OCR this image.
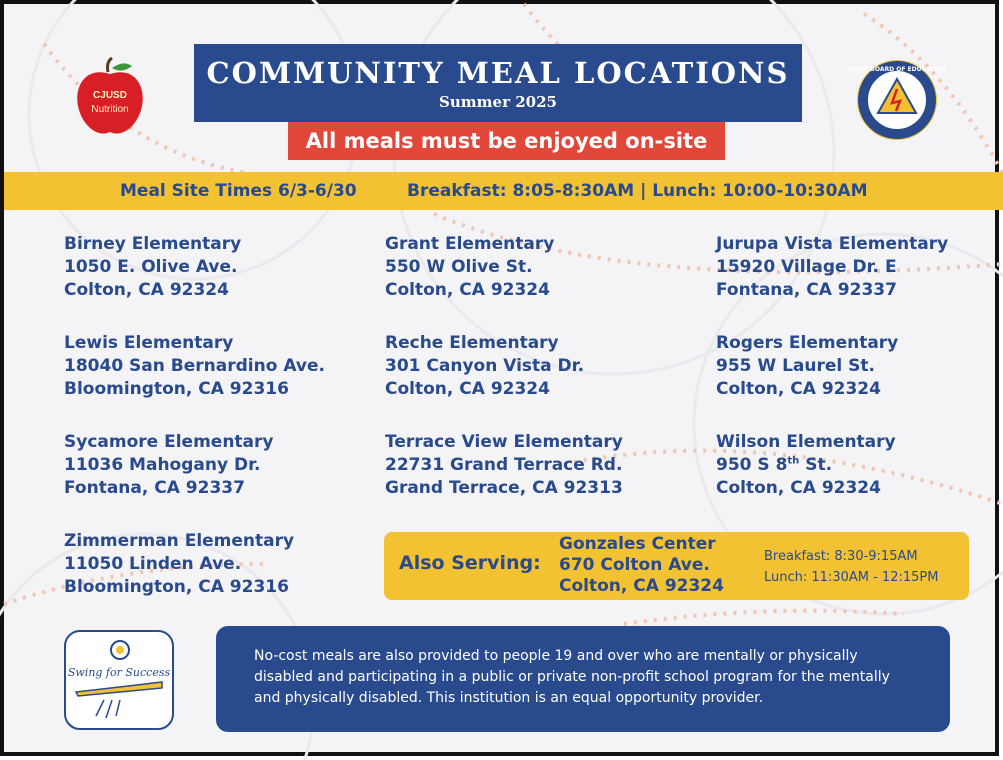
CJUSD
Nutrition
COMMUNITY MEAL LOCATIONS
Summer 2025
All meals must be enjoyed on-site
CJUSD BOARD OF EDUCATION
Meal Site Times 6/3-6/30	Breakfast: 8:05-8:30AM | Lunch: 10:00-10:30AM
Birney Elementary
1050 E. Olive Ave.
Colton, CA 92324
Grant Elementary
550 W Olive St.
Colton, CA 92324
Jurupa Vista Elementary
15920 Village Dr. E
Fontana, CA 92337
Lewis Elementary
18040 San Bernardino Ave.
Bloomington, CA 92316
Reche Elementary
301 Canyon Vista Dr.
Colton, CA 92324
Rogers Elementary
955 W Laurel St.
Colton, CA 92324
Sycamore Elementary
11036 Mahogany Dr.
Fontana, CA 92337
Terrace View Elementary
22731 Grand Terrace Rd.
Grand Terrace, CA 92313
Wilson Elementary
950 S 8th St.
Colton, CA 92324
Zimmerman Elementary
11050 Linden Ave.
Bloomington, CA 92316
Also Serving:
Gonzales Center
670 Colton Ave.
Colton, CA 92324
Breakfast: 8:30-9:15AM
Lunch: 11:30AM - 12:15PM
Swing for Success
No-cost meals are also provided to people 19 and over who are mentally or physically disabled and participating in a public or private non-profit school program for the mentally and physically disabled. This institution is an equal opportunity provider.
